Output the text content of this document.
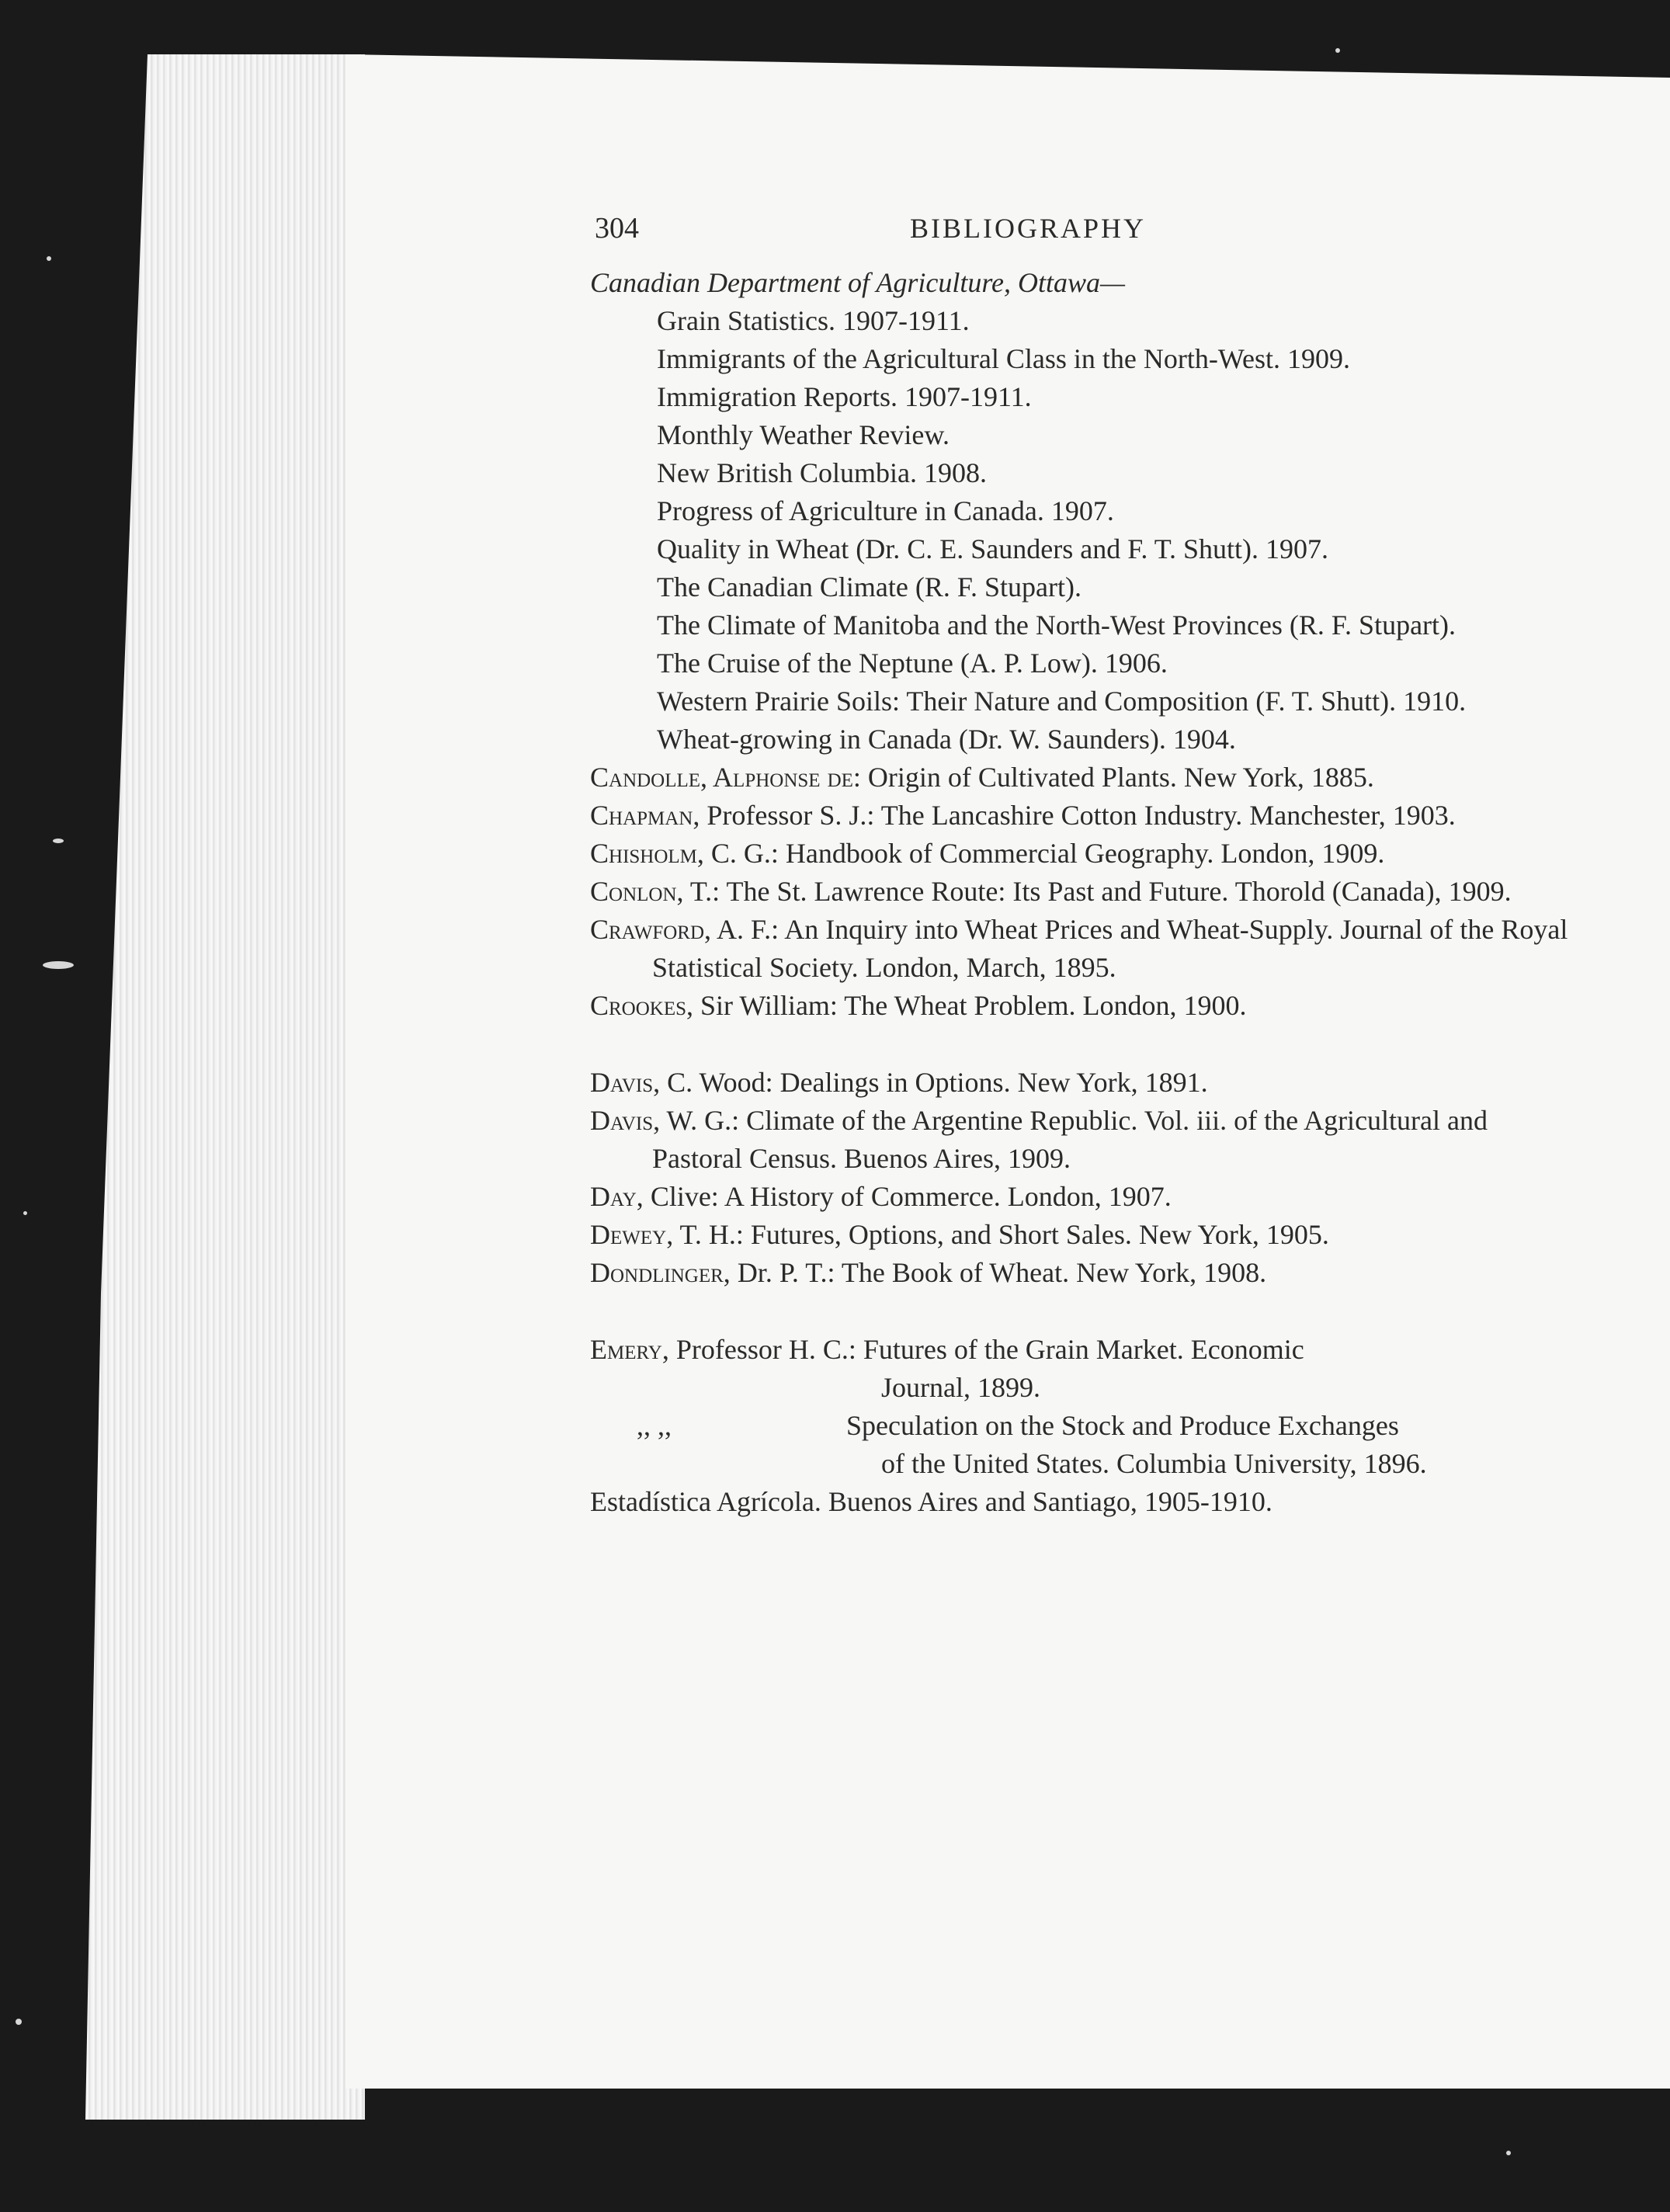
304	BIBLIOGRAPHY

Canadian Department of Agriculture, Ottawa—

Grain Statistics. 1907-1911.

Immigrants of the Agricultural Class in the North-West. 1909.

Immigration Reports. 1907-1911.

Monthly Weather Review.

New British Columbia. 1908.

Progress of Agriculture in Canada. 1907.

Quality in Wheat (Dr. C. E. Saunders and F. T. Shutt). 1907.

The Canadian Climate (R. F. Stupart).

The Climate of Manitoba and the North-West Provinces (R. F. Stupart).

The Cruise of the Neptune (A. P. Low). 1906.

Western Prairie Soils: Their Nature and Composition (F. T. Shutt). 1910.

Wheat-growing in Canada (Dr. W. Saunders). 1904.

Candolle, Alphonse de: Origin of Cultivated Plants. New York, 1885.

Chapman, Professor S. J.: The Lancashire Cotton Industry. Manchester, 1903.

Chisholm, C. G.: Handbook of Commercial Geography. London, 1909.

Conlon, T.: The St. Lawrence Route: Its Past and Future. Thorold (Canada), 1909.

Crawford, A. F.: An Inquiry into Wheat Prices and Wheat-Supply. Journal of the Royal Statistical Society. London, March, 1895.

Crookes, Sir William: The Wheat Problem. London, 1900.

Davis, C. Wood: Dealings in Options. New York, 1891.

Davis, W. G.: Climate of the Argentine Republic. Vol. iii. of the Agricultural and Pastoral Census. Buenos Aires, 1909.

Day, Clive: A History of Commerce. London, 1907.

Dewey, T. H.: Futures, Options, and Short Sales. New York, 1905.

Dondlinger, Dr. P. T.: The Book of Wheat. New York, 1908.

Emery, Professor H. C.: Futures of the Grain Market. Economic

Journal, 1899.

,, ,,	Speculation on the Stock and Produce Exchanges
of the United States. Columbia University, 1896.

Estadística Agrícola. Buenos Aires and Santiago, 1905-1910.
